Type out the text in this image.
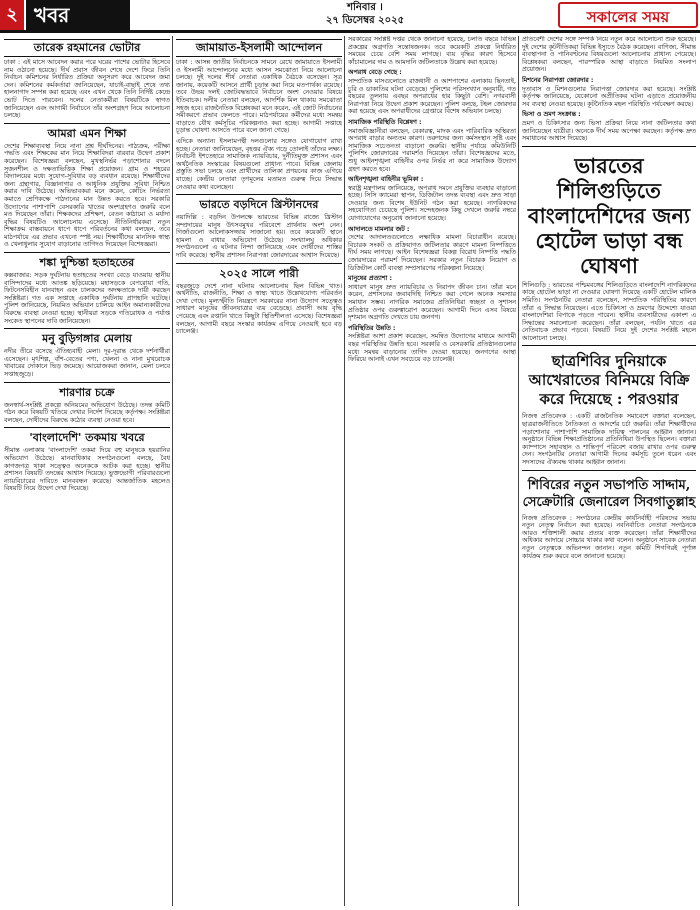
২ খবর	শনিবার ।
২৭ ডিসেম্বর ২০২৫	সকালের সময়
তারেক রহমানের ভোটার

ঢাকা : এই মাসে আবেদন করার পরে ঘরের পাশের ভোটার হিসেবে নাম ওঠানো হয়েছে। দীর্ঘ প্রবাস জীবন শেষে দেশে ফিরে তিনি নির্বাচন কমিশনের নির্ধারিত প্রক্রিয়া অনুসরণ করে আবেদন জমা দেন। কমিশনের কর্মকর্তারা জানিয়েছেন, যাচাই-বাছাই শেষে তথ্য হালনাগাদ সম্পন্ন করা হয়েছে এবং এখন থেকে তিনি নির্দিষ্ট কেন্দ্রে ভোট দিতে পারবেন। দলের নেতাকর্মীরা বিষয়টিকে স্বাগত জানিয়েছেন এবং আগামী নির্বাচনে তাঁর অংশগ্রহণ নিয়ে আলোচনা চলছে।

আমরা এমন শিক্ষা

দেশের শিক্ষাব্যবস্থা নিয়ে নানা প্রশ্ন দীর্ঘদিনের। পাঠ্যক্রম, পরীক্ষা পদ্ধতি এবং শিক্ষকের মান নিয়ে শিক্ষাবিদরা বারবার উদ্বেগ প্রকাশ করেছেন। বিশেষজ্ঞরা বলছেন, মুখস্থনির্ভর পড়াশোনার বদলে সৃজনশীল ও দক্ষতাভিত্তিক শিক্ষা প্রয়োজন। গ্রাম ও শহরের বিদ্যালয়ের মধ্যে সুযোগ-সুবিধার বড় ব্যবধান রয়েছে। শিক্ষার্থীদের জন্য গ্রন্থাগার, বিজ্ঞানাগার ও আধুনিক প্রযুক্তির সুবিধা নিশ্চিত করার দাবি উঠেছে। অভিভাবকরা মনে করেন, কোচিং নির্ভরতা কমাতে শ্রেণিকক্ষে পাঠদানের মান উন্নত করতে হবে। সরকারি উদ্যোগের পাশাপাশি বেসরকারি খাতের অংশগ্রহণও জরুরি বলে মত দিয়েছেন তাঁরা। শিক্ষকদের প্রশিক্ষণ, বেতন কাঠামো ও মর্যাদা বৃদ্ধির বিষয়টিও আলোচনায় এসেছে। নীতিনির্ধারকরা নতুন শিক্ষাক্রম বাস্তবায়নে ধাপে ধাপে পরিবর্তনের কথা বলছেন, তবে মাঠপর্যায়ে এর প্রভাব এখনো স্পষ্ট নয়। শিক্ষার্থীদের মানসিক স্বাস্থ্য ও খেলাধুলার সুযোগ বাড়ানোর তাগিদও দিয়েছেন বিশেষজ্ঞরা।

শঙ্কা দুশ্চিন্তা হতাহতের

কক্সবাজার: সড়ক দুর্ঘটনায় হতাহতের সংখ্যা বেড়ে যাওয়ায় স্থানীয় বাসিন্দাদের মধ্যে আতঙ্ক ছড়িয়েছে। মহাসড়কে বেপরোয়া গতি, ফিটনেসবিহীন যানবাহন এবং চালকদের অদক্ষতাকে দায়ী করছেন সংশ্লিষ্টরা। গত এক সপ্তাহে একাধিক দুর্ঘটনায় প্রাণহানি ঘটেছে। পুলিশ জানিয়েছে, নিয়মিত অভিযান চালিয়ে আইন অমান্যকারীদের বিরুদ্ধে ব্যবস্থা নেওয়া হচ্ছে। স্থানীয়রা সড়কে গতিরোধক ও পর্যাপ্ত সংকেত স্থাপনের দাবি জানিয়েছেন।

মনু বুড়িগঙ্গার মেলায়

নদীর তীরে বসেছে ঐতিহ্যবাহী মেলা। দূর-দূরান্ত থেকে দর্শনার্থীরা এসেছেন। মৃৎশিল্প, বাঁশ-বেতের পণ্য, খেলনা ও নানা মুখরোচক খাবারের দোকানে ভিড় জমেছে। আয়োজকরা জানান, মেলা চলবে সপ্তাহজুড়ে।

শারণার চক্রে

জনস্বার্থ-সংশ্লিষ্ট প্রকল্পে অনিয়মের অভিযোগ উঠেছে। তদন্ত কমিটি গঠন করে বিষয়টি খতিয়ে দেখার নির্দেশ দিয়েছে কর্তৃপক্ষ। সংশ্লিষ্টরা বলছেন, দোষীদের বিরুদ্ধে কঠোর ব্যবস্থা নেওয়া হবে।

'বাংলাদেশি' তকমায় খবরে

সীমান্ত এলাকায় 'বাংলাদেশি' তকমা দিয়ে বহু মানুষকে হয়রানির অভিযোগ উঠেছে। মানবাধিকার সংগঠনগুলো বলছে, বৈধ কাগজপত্র থাকা সত্ত্বেও অনেককে আটক করা হচ্ছে। স্থানীয় প্রশাসন বিষয়টি তদন্তের আশ্বাস দিয়েছে। ভুক্তভোগী পরিবারগুলো ন্যায়বিচারের দাবিতে মানববন্ধন করেছে। আন্তর্জাতিক মহলেও বিষয়টি নিয়ে উদ্বেগ দেখা দিয়েছে।

জামায়াত-ইসলামী আন্দোলন

ঢাকা : আসন্ন জাতীয় নির্বাচনকে সামনে রেখে জামায়াতে ইসলামী ও ইসলামী আন্দোলনের মধ্যে আসন সমঝোতা নিয়ে আলোচনা চলছে। দুই দলের শীর্ষ নেতারা একাধিক বৈঠকে বসেছেন। সূত্র জানায়, কয়েকটি আসনে প্রার্থী চূড়ান্ত করা নিয়ে মতপার্থক্য রয়েছে। তবে উভয় দলই জোটবদ্ধভাবে নির্বাচনে অংশ নেওয়ার বিষয়ে ইতিবাচক। দলীয় নেতারা বলছেন, আদর্শিক মিল থাকায় সমঝোতা সহজ হবে। রাজনৈতিক বিশ্লেষকরা মনে করেন, এই জোট নির্বাচনের সমীকরণে প্রভাব ফেলতে পারে। মাঠপর্যায়ের কর্মীদের মধ্যে সমন্বয় বাড়াতে যৌথ কর্মসূচির পরিকল্পনাও করা হচ্ছে। আগামী সপ্তাহে চূড়ান্ত ঘোষণা আসতে পারে বলে জানা গেছে।

এদিকে অন্যান্য ইসলামপন্থী দলগুলোর সঙ্গেও যোগাযোগ রাখা হচ্ছে। নেতারা জানিয়েছেন, বৃহত্তর ঐক্য গড়ে তোলাই তাঁদের লক্ষ্য। নির্বাচনী ইশতেহারে সামাজিক ন্যায়বিচার, দুর্নীতিমুক্ত প্রশাসন এবং অর্থনৈতিক সংস্কারের বিষয়গুলো প্রাধান্য পাবে। বিভিন্ন জেলায় প্রস্তুতি সভা চলছে এবং প্রার্থীদের তালিকা প্রণয়নের কাজ এগিয়ে যাচ্ছে। কেন্দ্রীয় নেতারা তৃণমূলের মতামত গুরুত্ব দিয়ে সিদ্ধান্ত নেওয়ার কথা বলেছেন।

ভারতে বড়দিনে খ্রিস্টানদের

নয়াদিল্লি : বড়দিন উপলক্ষে ভারতের বিভিন্ন রাজ্যে খ্রিস্টান সম্প্রদায়ের মানুষ উৎসবমুখর পরিবেশে প্রার্থনায় অংশ নেন। গির্জাগুলো আলোকসজ্জায় সাজানো হয়। তবে কয়েকটি স্থানে হামলা ও বাধার অভিযোগ উঠেছে। সংখ্যালঘু অধিকার সংগঠনগুলো এ ঘটনার নিন্দা জানিয়েছে এবং দোষীদের শাস্তির দাবি করেছে। স্থানীয় প্রশাসন নিরাপত্তা জোরদারের আশ্বাস দিয়েছে।

২০২৫ সালে পারী

বছরজুড়ে দেশে নানা ঘটনায় আলোচনায় ছিল বিভিন্ন খাত। অর্থনীতি, রাজনীতি, শিক্ষা ও স্বাস্থ্য খাতে উল্লেখযোগ্য পরিবর্তন দেখা গেছে। মূল্যস্ফীতি নিয়ন্ত্রণে সরকারের নানা উদ্যোগ সত্ত্বেও সাধারণ মানুষের জীবনযাত্রার ব্যয় বেড়েছে। প্রবাসী আয় বৃদ্ধি পেয়েছে এবং রপ্তানি খাতে কিছুটা স্থিতিশীলতা এসেছে। বিশেষজ্ঞরা বলছেন, আগামী বছরে সংস্কার কার্যক্রম এগিয়ে নেওয়াই হবে বড় চ্যালেঞ্জ।

সরকারের সংশ্লিষ্ট দপ্তর থেকে জানানো হয়েছে, চলতি বছরে বিভিন্ন প্রকল্পের অগ্রগতি সন্তোষজনক। তবে কয়েকটি প্রকল্পে নির্ধারিত সময়ের চেয়ে বেশি সময় লাগছে। ব্যয় বৃদ্ধির কারণ হিসেবে কাঁচামালের দাম ও আমদানি জটিলতাকে উল্লেখ করা হয়েছে।

অপরাধ বেড়ে গেছে :

সাম্প্রতিক মাসগুলোতে রাজধানী ও আশপাশের এলাকায় ছিনতাই, চুরি ও ডাকাতির ঘটনা বেড়েছে। পুলিশের পরিসংখ্যান অনুযায়ী, গত বছরের তুলনায় এবছর অপরাধের হার কিছুটা বেশি। নগরবাসী নিরাপত্তা নিয়ে উদ্বেগ প্রকাশ করেছেন। পুলিশ বলছে, টহল জোরদার করা হয়েছে এবং অপরাধীদের গ্রেপ্তারে বিশেষ অভিযান চলছে।

সামাজিক পরিস্থিতি বিশ্লেষণ :

সমাজবিজ্ঞানীরা বলছেন, বেকারত্ব, মাদক এবং পারিবারিক অস্থিরতা অপরাধ বাড়ার অন্যতম কারণ। তরুণদের জন্য কর্মসংস্থান সৃষ্টি এবং সামাজিক সচেতনতা বাড়ানো জরুরি। স্থানীয় পর্যায়ে কমিউনিটি পুলিশিং জোরদারের পরামর্শও দিয়েছেন তাঁরা। বিশেষজ্ঞদের মতে, শুধু আইনশৃঙ্খলা বাহিনীর ওপর নির্ভর না করে সামাজিক উদ্যোগ গ্রহণ করতে হবে।

আইনশৃঙ্খলা বাহিনীর ভূমিকা :

স্বরাষ্ট্র মন্ত্রণালয় জানিয়েছে, অপরাধ দমনে প্রযুক্তির ব্যবহার বাড়ানো হচ্ছে। সিসি ক্যামেরা স্থাপন, ডিজিটাল তদন্ত ব্যবস্থা এবং দ্রুত সাড়া দেওয়ার জন্য বিশেষ ইউনিট গঠন করা হয়েছে। নাগরিকদের সহযোগিতা চেয়েছে পুলিশ। সন্দেহজনক কিছু দেখলে জরুরি নম্বরে যোগাযোগের অনুরোধ জানানো হয়েছে।

আদালতে মামলার জট :

দেশের আদালতগুলোতে লক্ষাধিক মামলা বিচারাধীন রয়েছে। বিচারক সংকট ও প্রক্রিয়াগত জটিলতার কারণে মামলা নিষ্পত্তিতে দীর্ঘ সময় লাগছে। আইন বিশেষজ্ঞরা বিকল্প বিরোধ নিষ্পত্তি পদ্ধতি জোরদারের পরামর্শ দিয়েছেন। সরকার নতুন বিচারক নিয়োগ ও ডিজিটাল কোর্ট ব্যবস্থা সম্প্রসারণের পরিকল্পনা নিয়েছে।

মানুষের প্রত্যাশা :

সাধারণ মানুষ দ্রুত ন্যায়বিচার ও নিরাপদ জীবন চান। তাঁরা মনে করেন, প্রশাসনের জবাবদিহি নিশ্চিত করা গেলে অনেক সমস্যার সমাধান সম্ভব। নাগরিক সমাজের প্রতিনিধিরা স্বচ্ছতা ও সুশাসন প্রতিষ্ঠার ওপর গুরুত্বারোপ করেছেন। আগামী দিনে এসব বিষয়ে দৃশ্যমান অগ্রগতি দেখতে চায় জনগণ।

পরিস্থিতির উন্নতি :

সংশ্লিষ্টরা আশা প্রকাশ করেছেন, সমন্বিত উদ্যোগের মাধ্যমে আগামী বছর পরিস্থিতির উন্নতি হবে। সরকারি ও বেসরকারি প্রতিষ্ঠানগুলোর মধ্যে সমন্বয় বাড়ানোর তাগিদ দেওয়া হয়েছে। জনগণের আস্থা ফিরিয়ে আনাই এখন সবচেয়ে বড় চ্যালেঞ্জ।

প্রতিবেশী দেশের সঙ্গে সম্পর্ক নিয়ে নতুন করে আলোচনা শুরু হয়েছে। দুই দেশের কূটনীতিকরা বিভিন্ন ইস্যুতে বৈঠক করেছেন। বাণিজ্য, সীমান্ত ব্যবস্থাপনা ও পানিবণ্টনের বিষয়গুলো আলোচনায় প্রাধান্য পেয়েছে। বিশ্লেষকরা বলছেন, পারস্পরিক আস্থা বাড়াতে নিয়মিত সংলাপ প্রয়োজন।

মিশনের নিরাপত্তা জোরদার :

দূতাবাস ও মিশনগুলোর নিরাপত্তা জোরদার করা হয়েছে। সংশ্লিষ্ট কর্তৃপক্ষ জানিয়েছে, যেকোনো অপ্রীতিকর ঘটনা এড়াতে প্রয়োজনীয় সব ব্যবস্থা নেওয়া হয়েছে। কূটনৈতিক মহল পরিস্থিতি পর্যবেক্ষণ করছে।

ভিসা ও ভ্রমণ সংক্রান্ত :

ভ্রমণ ও চিকিৎসার জন্য ভিসা প্রক্রিয়া নিয়ে নানা জটিলতার কথা জানিয়েছেন যাত্রীরা। অনেকে দীর্ঘ সময় অপেক্ষা করছেন। কর্তৃপক্ষ দ্রুত সমাধানের আশ্বাস দিয়েছে।

ভারতের শিলিগুড়িতে বাংলাদেশিদের জন্য হোটেল ভাড়া বন্ধ ঘোষণা

শিলিগুড়ি : ভারতের পশ্চিমবঙ্গের শিলিগুড়িতে বাংলাদেশি নাগরিকদের কাছে হোটেল ভাড়া না দেওয়ার ঘোষণা দিয়েছে একটি হোটেল মালিক সমিতি। সংগঠনটির নেতারা বলেছেন, সাম্প্রতিক পরিস্থিতির কারণে তাঁরা এ সিদ্ধান্ত নিয়েছেন। এতে চিকিৎসা ও ভ্রমণের উদ্দেশ্যে যাওয়া বাংলাদেশিরা বিপাকে পড়তে পারেন। স্থানীয় ব্যবসায়ীদের একাংশ এ সিদ্ধান্তের সমালোচনা করেছেন। তাঁরা বলছেন, পর্যটন খাতে এর নেতিবাচক প্রভাব পড়বে। বিষয়টি নিয়ে দুই দেশের সংশ্লিষ্ট মহলে আলোচনা চলছে।

ছাত্রশিবির দুনিয়াকে আখেরাতের বিনিময়ে বিক্রি করে দিয়েছে : পরওয়ার

নিজস্ব প্রতিবেদক : একটি রাজনৈতিক সমাবেশে বক্তারা বলেছেন, ছাত্ররাজনীতিতে নৈতিকতা ও আদর্শের চর্চা জরুরি। তাঁরা শিক্ষার্থীদের পড়াশোনার পাশাপাশি সামাজিক দায়িত্ব পালনের আহ্বান জানান। অনুষ্ঠানে বিভিন্ন শিক্ষাপ্রতিষ্ঠানের প্রতিনিধিরা উপস্থিত ছিলেন। বক্তারা ক্যাম্পাসে সহাবস্থান ও শান্তিপূর্ণ পরিবেশ বজায় রাখার ওপর গুরুত্ব দেন। সংগঠনটির নেতারা আগামী দিনের কর্মসূচি তুলে ধরেন এবং সদস্যদের ঐক্যবদ্ধ থাকার আহ্বান জানান।

শিবিরের নতুন সভাপতি সাদ্দাম, সেক্রেটারি জেনারেল সিবগাতুল্লাহ

নিজস্ব প্রতিবেদক : সংগঠনের কেন্দ্রীয় কার্যনির্বাহী পরিষদের সভায় নতুন নেতৃত্ব নির্বাচন করা হয়েছে। নবনির্বাচিত নেতারা সংগঠনকে আরও শক্তিশালী করার প্রত্যয় ব্যক্ত করেছেন। তাঁরা শিক্ষার্থীদের অধিকার আদায়ে সোচ্চার থাকার কথা বলেন। অনুষ্ঠানে সাবেক নেতারা নতুন নেতৃত্বকে অভিনন্দন জানান। নতুন কমিটি শিগগিরই পূর্ণাঙ্গ কার্যক্রম শুরু করবে বলে জানানো হয়েছে।
